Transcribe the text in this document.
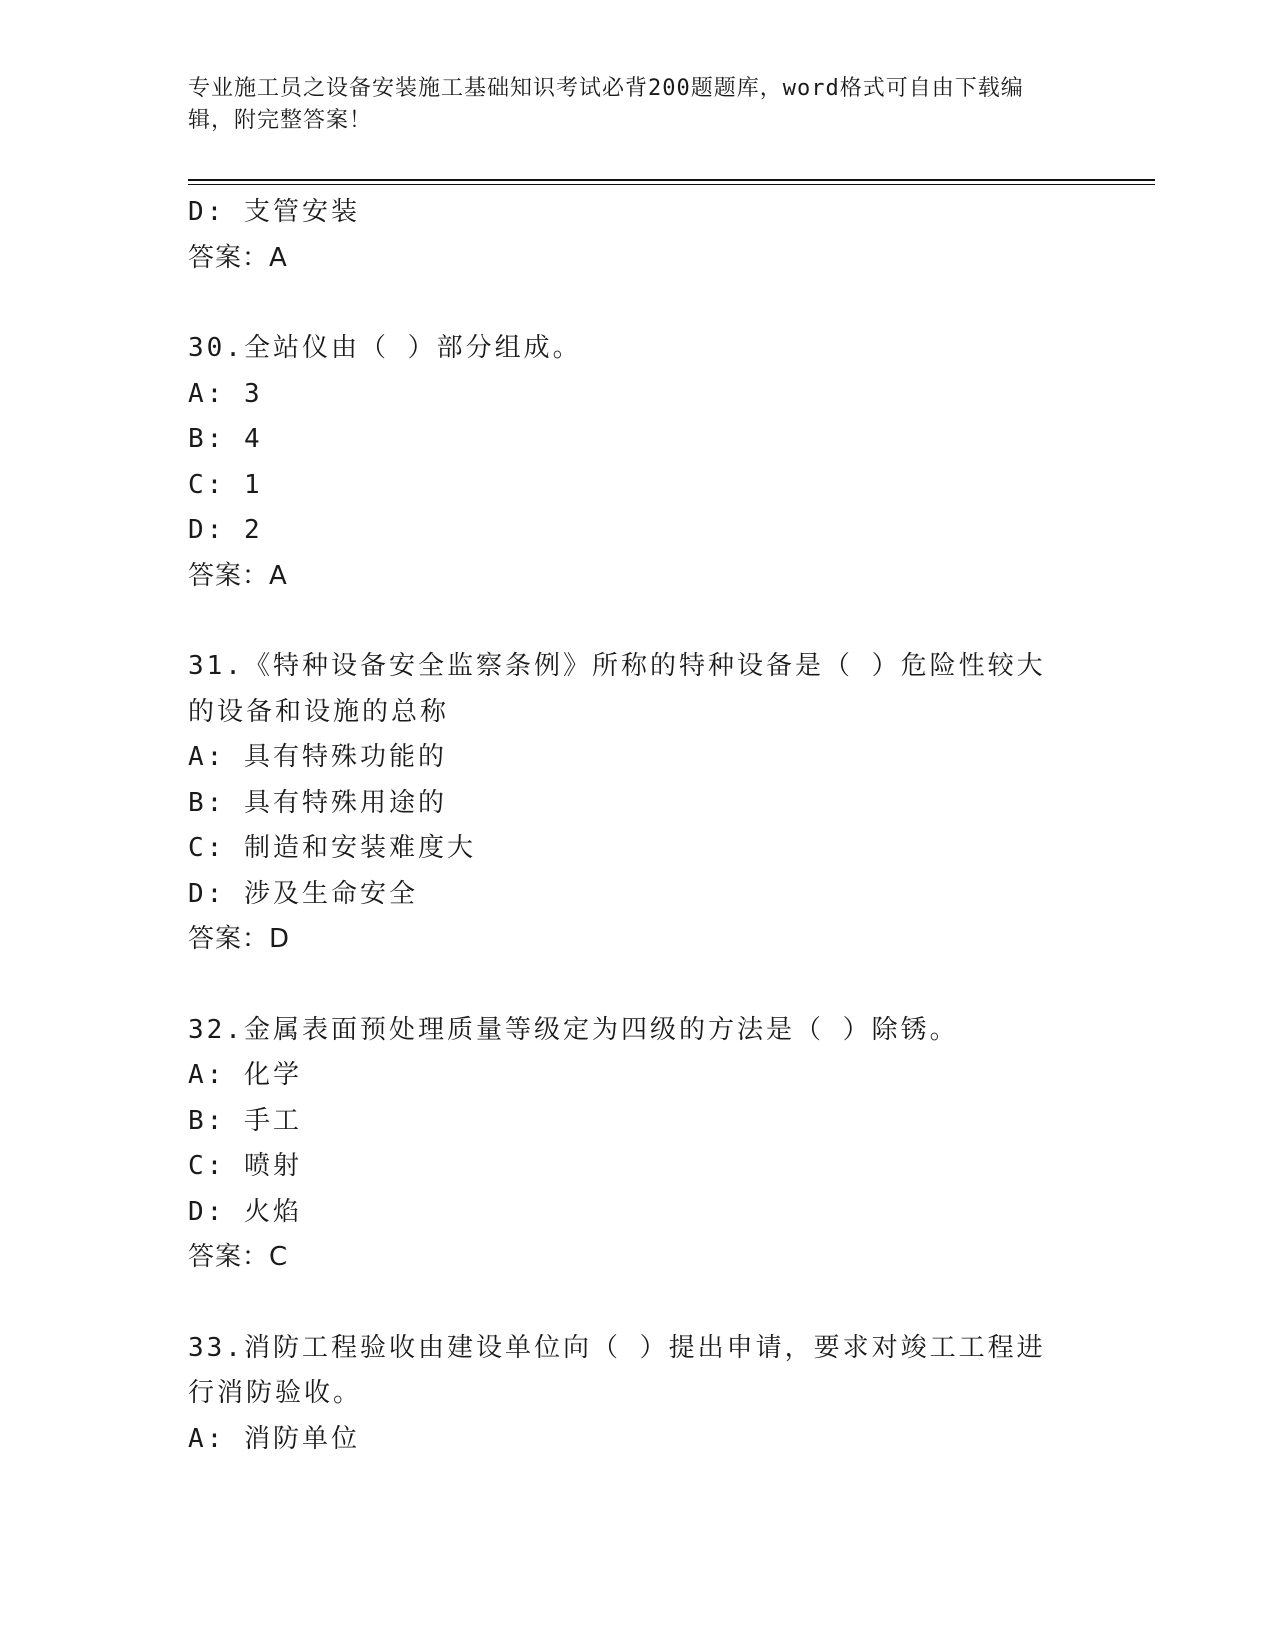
专业施工员之设备安装施工基础知识考试必背200题题库，word格式可自由下载编辑，附完整答案！
D: 支管安装
答案：A
30.全站仪由（ ）部分组成。
A: 3
B: 4
C: 1
D: 2
答案：A
31.《特种设备安全监察条例》所称的特种设备是（ ）危险性较大的设备和设施的总称
A: 具有特殊功能的
B: 具有特殊用途的
C: 制造和安装难度大
D: 涉及生命安全
答案：D
32.金属表面预处理质量等级定为四级的方法是（ ）除锈。
A: 化学
B: 手工
C: 喷射
D: 火焰
答案：C
33.消防工程验收由建设单位向（ ）提出申请，要求对竣工工程进行消防验收。
A: 消防单位
